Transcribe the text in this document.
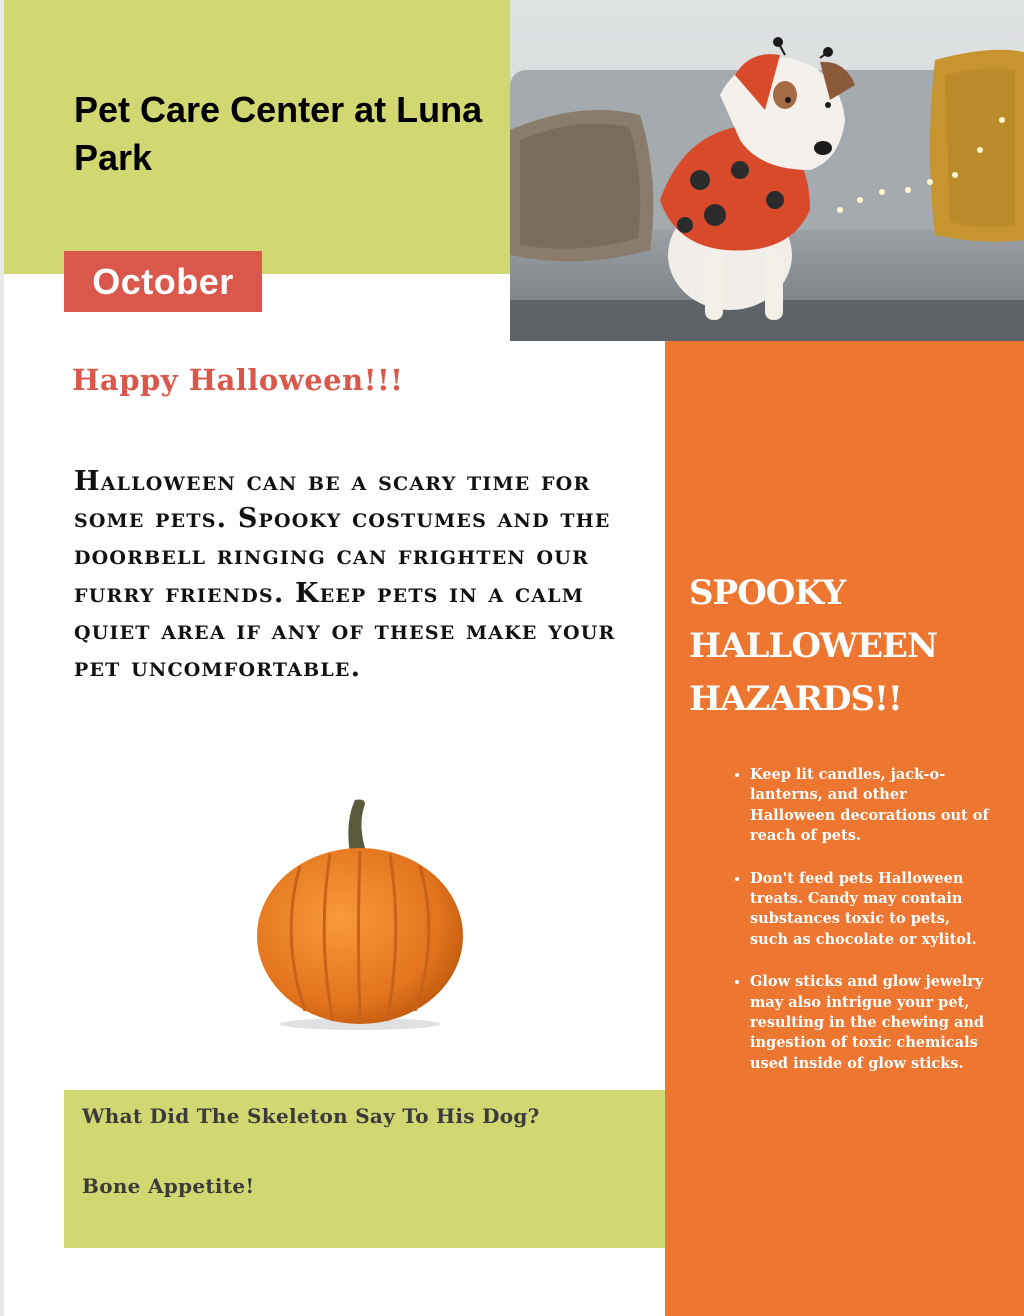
Pet Care Center at Luna Park
October
SPOOKY HALLOWEEN HAZARDS!!
• Keep lit candles, jack-o-lanterns, and other Halloween decorations out of reach of pets.
• Don't feed pets Halloween treats. Candy may contain substances toxic to pets, such as chocolate or xylitol.
• Glow sticks and glow jewelry may also intrigue your pet, resulting in the chewing and ingestion of toxic chemicals used inside of glow sticks.
Happy Halloween!!!

Halloween can be a scary time for some pets. Spooky costumes and the doorbell ringing can frighten our furry friends. Keep pets in a calm quiet area if any of these make your pet uncomfortable.

What Did The Skeleton Say To His Dog?

Bone Appetite!
